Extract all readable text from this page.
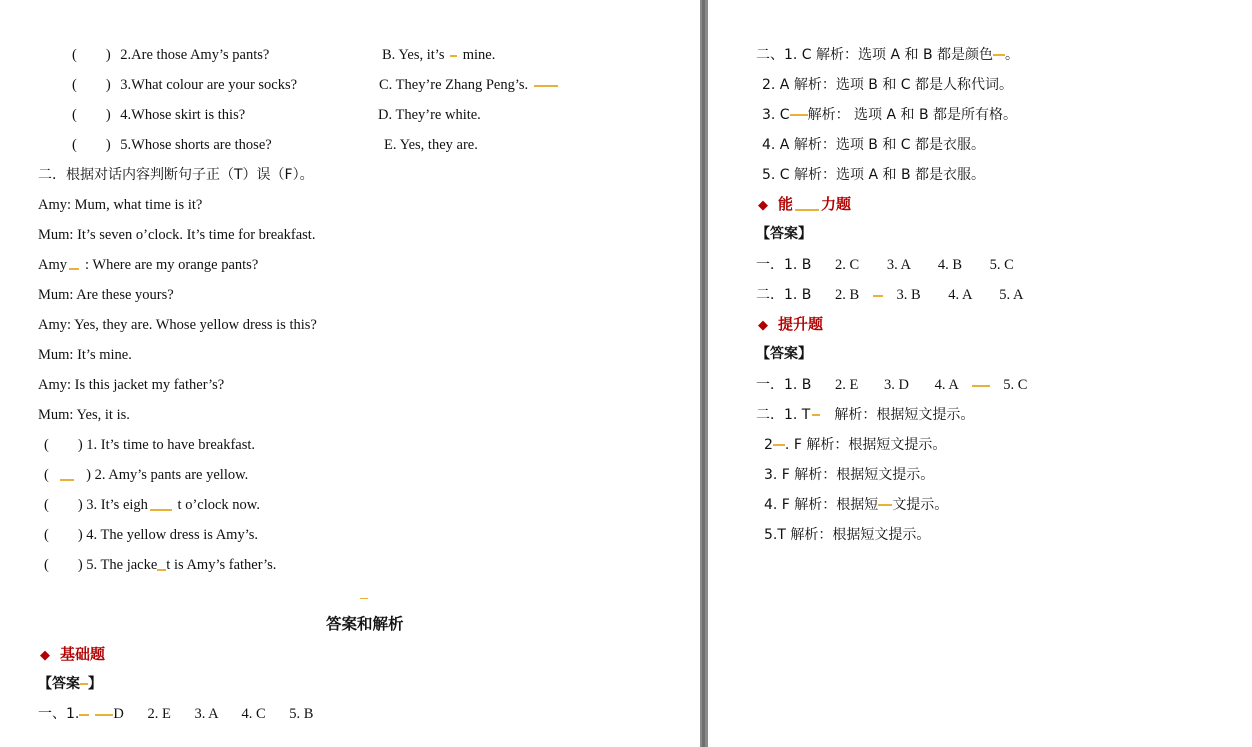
(　　) 2.Are those Amy’s pants?	B. Yes, it’s mine.
(　　) 3.What colour are your socks?	C. They’re Zhang Peng’s.
(　　) 4.Whose skirt is this?	D. They’re white.
(　　) 5.Whose shorts are those?	E. Yes, they are.
二．根据对话内容判断句子正（T）误（F）。
Amy: Mum, what time is it?
Mum: It’s seven o’clock. It’s time for breakfast.
Amy : Where are my orange pants?
Mum: Are these yours?
Amy: Yes, they are. Whose yellow dress is this?
Mum: It’s mine.
Amy: Is this jacket my father’s?
Mum: Yes, it is.
(　　) 1. It’s time to have breakfast.
(	) 2. Amy’s pants are yellow.
(　　) 3. It’s eigh t o’clock now.
(　　) 4. The yellow dress is Amy’s.
(　　) 5. The jacke t is Amy’s father’s.
答案和解析
◆ 基础题
【答案 】
一、1. D 2. E 3. A 4. C 5. B
二、1. C 解析：选项 A 和 B 都是颜色 。
2. A 解析：选项 B 和 C 都是人称代词。
3. C 解析： 选项 A 和 B 都是所有格。
4. A 解析：选项 B 和 C 都是衣服。
5. C 解析：选项 A 和 B 都是衣服。
◆ 能 力题
【答案】
一．1. B 2. C 3. A 4. B 5. C
二．1. B 2. B	3. B 4. A 5. A
◆ 提升题
【答案】
一．1. B 2. E 3. D 4. A	5. C
二．1. T 解析：根据短文提示。
2 . F 解析：根据短文提示。
3. F 解析：根据短文提示。
4. F 解析：根据短 文提示。
5.T 解析：根据短文提示。
